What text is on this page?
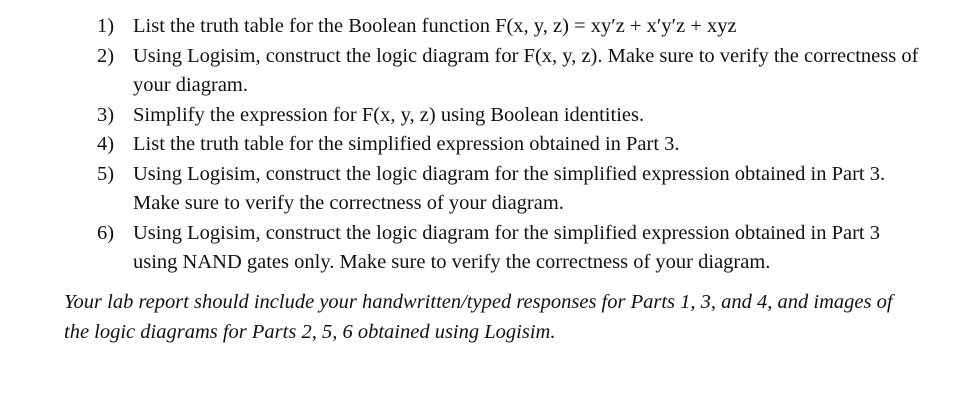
1) List the truth table for the Boolean function F(x, y, z) = xy′z + x′y′z + xyz
2) Using Logisim, construct the logic diagram for F(x, y, z). Make sure to verify the correctness of
your diagram.
3) Simplify the expression for F(x, y, z) using Boolean identities.
4) List the truth table for the simplified expression obtained in Part 3.
5) Using Logisim, construct the logic diagram for the simplified expression obtained in Part 3.
Make sure to verify the correctness of your diagram.
6) Using Logisim, construct the logic diagram for the simplified expression obtained in Part 3
using NAND gates only. Make sure to verify the correctness of your diagram.
Your lab report should include your handwritten/typed responses for Parts 1, 3, and 4, and images of
the logic diagrams for Parts 2, 5, 6 obtained using Logisim.
